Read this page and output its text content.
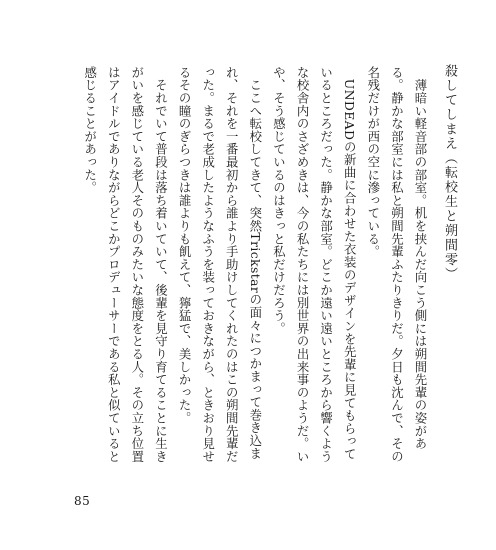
殺してしまえ（転校生と朔間零）

　薄暗い軽音部の部室。机を挟んだ向こう側には朔間先輩の姿がある。静かな部室には私と朔間先輩ふたりきりだ。夕日も沈んで、その名残だけが西の空に滲っている。

　UNDEADの新曲に合わせた衣装のデザインを先輩に見てもらっているところだった。静かな部室。どこか遠い遠いところから響くような校舎内のさざめきは、今の私たちには別世界の出来事のようだ。いや、そう感じているのはきっと私だけだろう。

　ここへ転校してきて、突然Trickstarの面々につかまって巻き込まれ、それを一番最初から誰より手助けしてくれたのはこの朔間先輩だった。まるで老成したようなふうを装っておきながら、ときおり見せるその瞳のぎらつきは誰よりも飢えて、獰猛で、美しかった。

　それでいて普段は落ち着いていて、後輩を見守り育てることに生きがいを感じている老人そのものみたいな態度をとる人。その立ち位置はアイドルでありながらどこかプロデューサーである私と似ていると感じることがあった。

85
